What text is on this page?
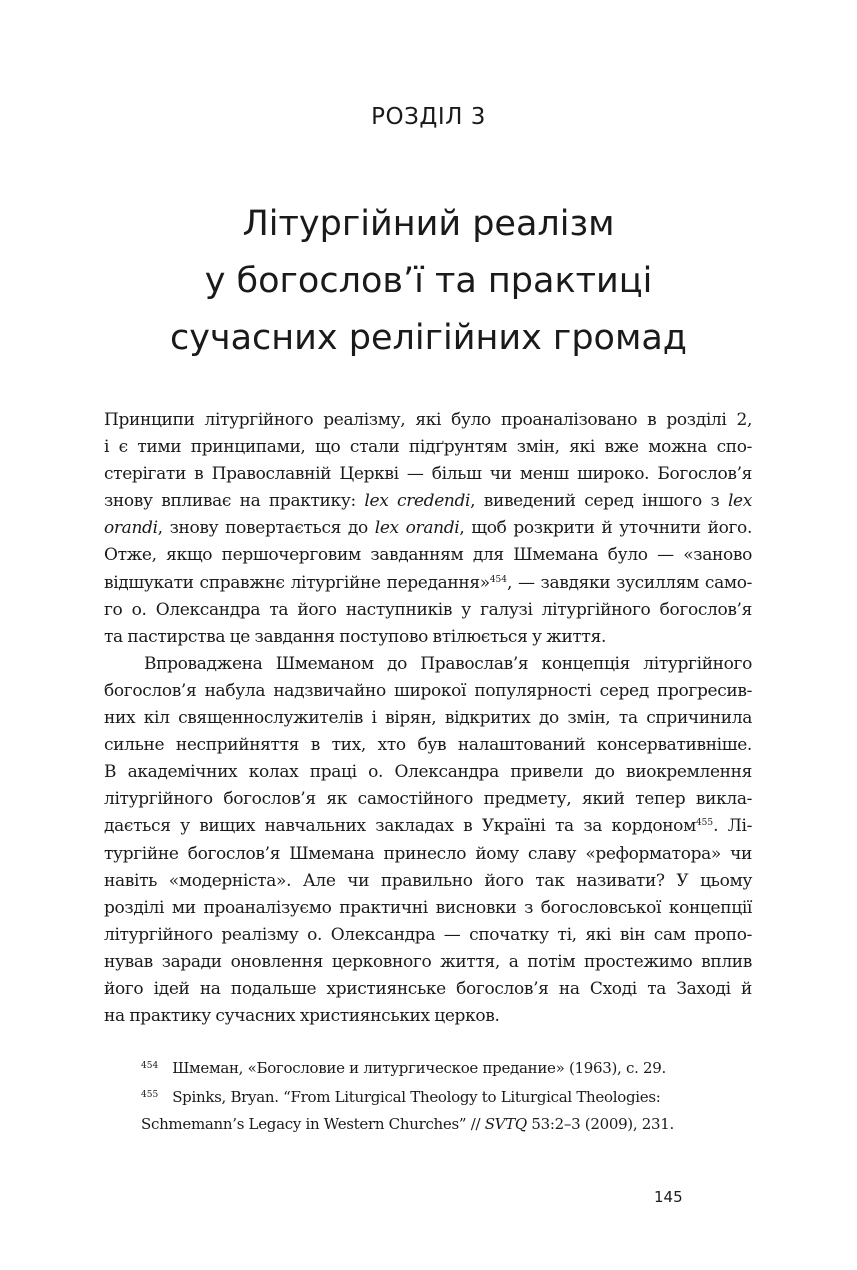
РОЗДІЛ 3
Літургійний реалізм
у богослов’ї та практиці
сучасних релігійних громад
Принципи літургійного реалізму, які було проаналізовано в розділі 2,
і є тими принципами, що стали підґрунтям змін, які вже можна спо-
стерігати в Православній Церкві — більш чи менш широко. Богослов’я
знову впливає на практику: lex credendi, виведений серед іншого з lex
orandi, знову повертається до lex orandi, щоб розкрити й уточнити його.
Отже, якщо першочерговим завданням для Шмемана було — «заново
відшукати справжнє літургійне передання»$^{454}$, — завдяки зусиллям само-
го о. Олександра та його наступників у галузі літургійного богослов’я
та пастирства це завдання поступово втілюється у життя.
Впроваджена Шмеманом до Православ’я концепція літургійного
богослов’я набула надзвичайно широкої популярності серед прогресив-
них кіл священнослужителів і вірян, відкритих до змін, та спричинила
сильне несприйняття в тих, хто був налаштований консервативніше.
В академічних колах праці о. Олександра привели до виокремлення
літургійного богослов’я як самостійного предмету, який тепер викла-
дається у вищих навчальних закладах в Україні та за кордоном$^{455}$. Лі-
тургійне богослов’я Шмемана принесло йому славу «реформатора» чи
навіть «модерніста». Але чи правильно його так називати? У цьому
розділі ми проаналізуємо практичні висновки з богословської концепції
літургійного реалізму о. Олександра — спочатку ті, які він сам пропо-
нував заради оновлення церковного життя, а потім простежимо вплив
його ідей на подальше християнське богослов’я на Сході та Заході й
на практику сучасних християнських церков.
$^{454}$ Шмеман, «Богословие и литургическое предание» (1963), с. 29.
$^{455}$ Spinks, Bryan. “From Liturgical Theology to Liturgical Theologies:
Schmemann’s Legacy in Western Churches” // SVTQ 53:2–3 (2009), 231.
145
